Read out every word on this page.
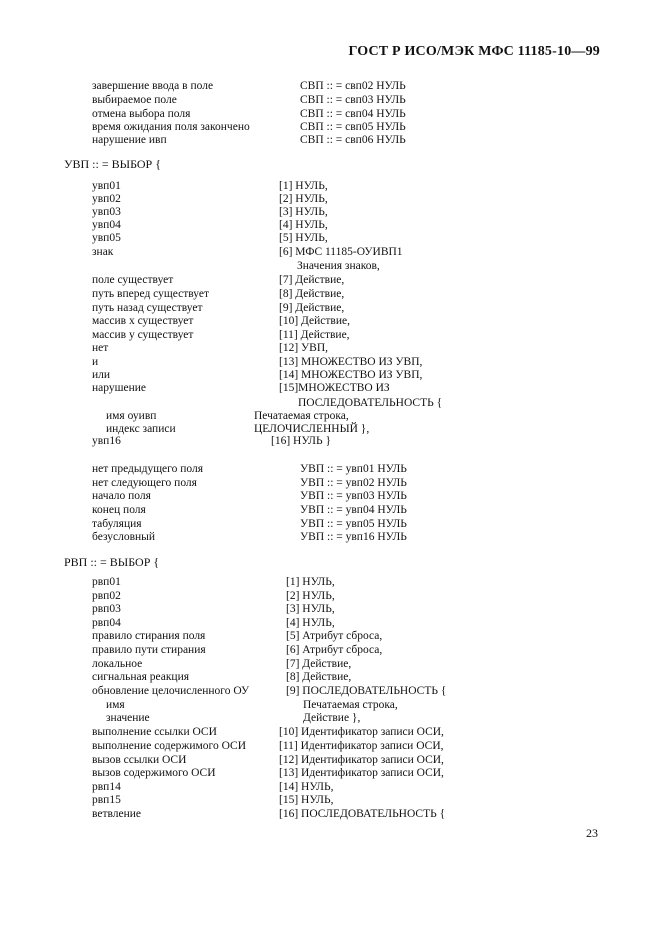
ГОСТ Р ИСО/МЭК МФС 11185-10—99
завершение ввода в поле	СВП :: = свп02 НУЛЬ
выбираемое поле	СВП :: = свп03 НУЛЬ
отмена выбора поля	СВП :: = свп04 НУЛЬ
время ожидания поля закончено	СВП :: = свп05 НУЛЬ
нарушение ивп	СВП :: = свп06 НУЛЬ
УВП :: = ВЫБОР {
увп01	[1] НУЛЬ,
увп02	[2] НУЛЬ,
увп03	[3] НУЛЬ,
увп04	[4] НУЛЬ,
увп05	[5] НУЛЬ,
знак	[6] МФС 11185-ОУИВП1
Значения знаков,
поле существует	[7] Действие,
путь вперед существует	[8] Действие,
путь назад существует	[9] Действие,
массив х существует	[10] Действие,
массив у существует	[11] Действие,
нет	[12] УВП,
и	[13] МНОЖЕСТВО ИЗ УВП,
или	[14] МНОЖЕСТВО ИЗ УВП,
нарушение	[15]МНОЖЕСТВО ИЗ
ПОСЛЕДОВАТЕЛЬНОСТЬ {
имя оуивп	Печатаемая строка,
индекс записи	ЦЕЛОЧИСЛЕННЫЙ },
увп16	[16] НУЛЬ }
нет предыдущего поля	УВП :: = увп01 НУЛЬ
нет следующего поля	УВП :: = увп02 НУЛЬ
начало поля	УВП :: = увп03 НУЛЬ
конец поля	УВП :: = увп04 НУЛЬ
табуляция	УВП :: = увп05 НУЛЬ
безусловный	УВП :: = увп16 НУЛЬ
РВП :: = ВЫБОР {
рвп01	[1] НУЛЬ,
рвп02	[2] НУЛЬ,
рвп03	[3] НУЛЬ,
рвп04	[4] НУЛЬ,
правило стирания поля	[5] Атрибут сброса,
правило пути стирания	[6] Атрибут сброса,
локальное	[7] Действие,
сигнальная реакция	[8] Действие,
обновление целочисленного ОУ	[9] ПОСЛЕДОВАТЕЛЬНОСТЬ {
имя	Печатаемая строка,
значение	Действие },
выполнение ссылки ОСИ	[10] Идентификатор записи ОСИ,
выполнение содержимого ОСИ	[11] Идентификатор записи ОСИ,
вызов ссылки ОСИ	[12] Идентификатор записи ОСИ,
вызов содержимого ОСИ	[13] Идентификатор записи ОСИ,
рвп14	[14] НУЛЬ,
рвп15	[15] НУЛЬ,
ветвление	[16] ПОСЛЕДОВАТЕЛЬНОСТЬ {
23
